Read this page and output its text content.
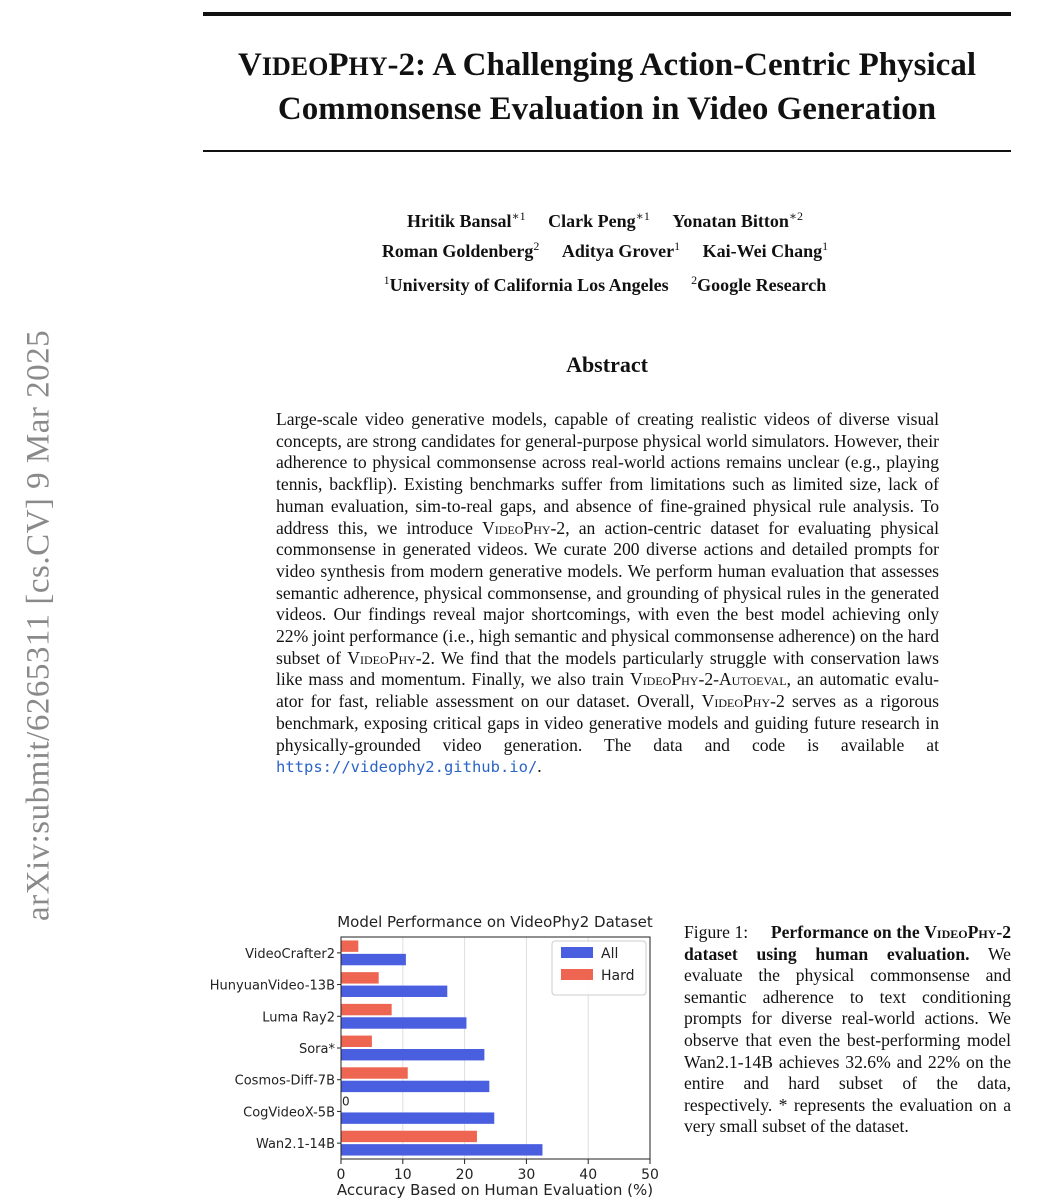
arXiv:submit/6265311 [cs.CV] 9 Mar 2025
VIDEOPHY-2: A Challenging Action-Centric Physical
Commonsense Evaluation in Video Generation
Hritik Bansal$^{∗1}$ Clark Peng$^{∗1}$ Yonatan Bitton$^{∗2}$
Roman Goldenberg$^2$ Aditya Grover$^1$ Kai-Wei Chang$^1$
$^1$University of California Los Angeles $^2$Google Research
Abstract
Large-scale video generative models, capable of creating realistic videos of diverse visual concepts, are strong candidates for general-purpose physical world simulators. However, their adherence to physical commonsense across real-world actions remains unclear (e.g., playing tennis, backflip). Existing benchmarks suffer from limitations such as limited size, lack of human evaluation, sim-to-real gaps, and absence of fine-grained physical rule analysis. To address this, we introduce VideoPhy-2, an action-centric dataset for evaluating physical commonsense in generated videos. We curate 200 diverse actions and detailed prompts for video synthesis from modern generative models. We perform human evaluation that assesses semantic adherence, physical commonsense, and grounding of physical rules in the generated videos. Our findings reveal major shortcomings, with even the best model achieving only 22% joint performance (i.e., high semantic and physical commonsense adherence) on the hard subset of VideoPhy-2. We find that the models particularly struggle with conservation laws like mass and momentum. Finally, we also train VideoPhy-2-Autoeval, an automatic evaluator for fast, reliable assessment on our dataset. Overall, VideoPhy-2 serves as a rigorous benchmark, exposing critical gaps in video generative models and guiding future research in physically-grounded video generation. The data and code is available at https://videophy2.github.io/.
Model Performance on VideoPhy2 Dataset
0
VideoCrafter2
HunyuanVideo-13B
Luma Ray2
Sora*
Cosmos-Diff-7B
CogVideoX-5B
Wan2.1-14B
0	10	20	30	40	50
Accuracy Based on Human Evaluation (%)
All
Hard
Figure 1: Performance on the VideoPhy-2 dataset using human evaluation. We evaluate the physical commonsense and semantic adherence to text conditioning prompts for diverse real-world actions. We observe that even the best-performing model Wan2.1-14B achieves 32.6% and 22% on the entire and hard subset of the data, respectively. * represents the evaluation on a very small subset of the dataset.
